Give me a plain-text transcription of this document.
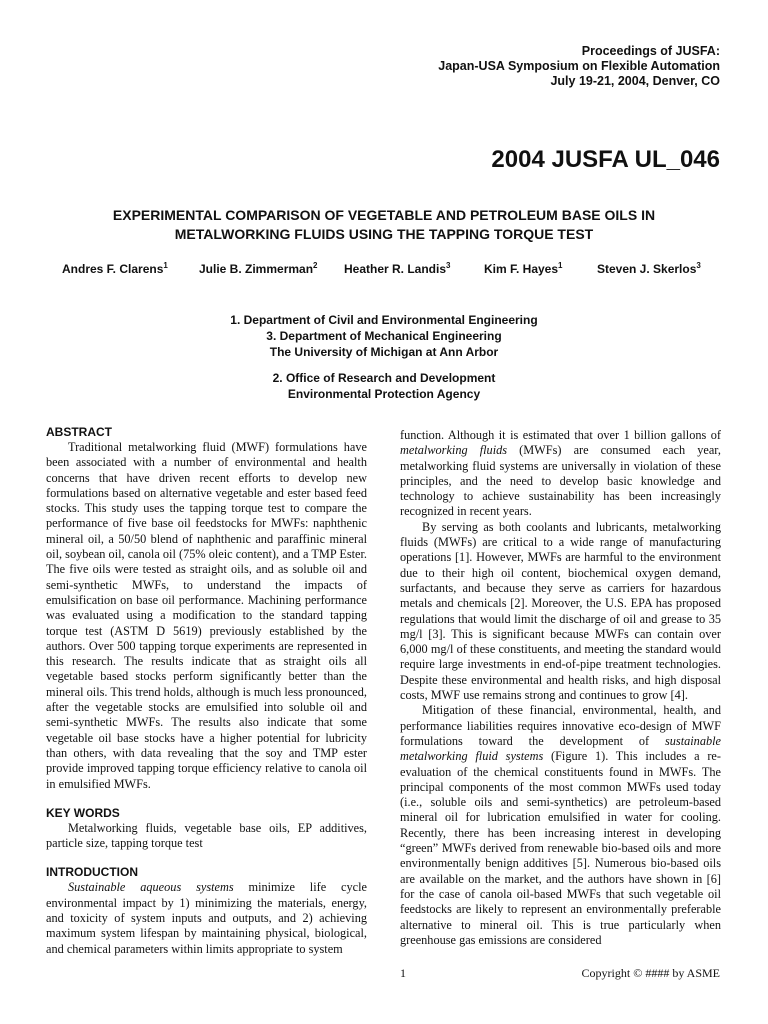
Proceedings of JUSFA:
Japan-USA Symposium on Flexible Automation
July 19-21, 2004, Denver, CO
2004 JUSFA UL_046
EXPERIMENTAL COMPARISON OF VEGETABLE AND PETROLEUM BASE OILS IN
METALWORKING FLUIDS USING THE TAPPING TORQUE TEST
Andres F. Clarens$^1$	Julie B. Zimmerman$^2$ Heather R. Landis$^3$	Kim F. Hayes$^1$	Steven J. Skerlos$^3$
1. Department of Civil and Environmental Engineering
3. Department of Mechanical Engineering
The University of Michigan at Ann Arbor
2. Office of Research and Development
Environmental Protection Agency
ABSTRACT

Traditional metalworking fluid (MWF) formulations have been associated with a number of environmental and health concerns that have driven recent efforts to develop new formulations based on alternative vegetable and ester based feed stocks. This study uses the tapping torque test to compare the performance of five base oil feedstocks for MWFs: naphthenic mineral oil, a 50/50 blend of naphthenic and paraffinic mineral oil, soybean oil, canola oil (75% oleic content), and a TMP Ester. The five oils were tested as straight oils, and as soluble oil and semi-synthetic MWFs, to understand the impacts of emulsification on base oil performance. Machining performance was evaluated using a modification to the standard tapping torque test (ASTM D 5619) previously established by the authors. Over 500 tapping torque experiments are represented in this research. The results indicate that as straight oils all vegetable based stocks perform significantly better than the mineral oils. This trend holds, although is much less pronounced, after the vegetable stocks are emulsified into soluble oil and semi-synthetic MWFs. The results also indicate that some vegetable oil base stocks have a higher potential for lubricity than others, with data revealing that the soy and TMP ester provide improved tapping torque efficiency relative to canola oil in emulsified MWFs.

KEY WORDS

Metalworking fluids, vegetable base oils, EP additives, particle size, tapping torque test

INTRODUCTION

Sustainable aqueous systems minimize life cycle environmental impact by 1) minimizing the materials, energy, and toxicity of system inputs and outputs, and 2) achieving maximum system lifespan by maintaining physical, biological, and chemical parameters within limits appropriate to system

function. Although it is estimated that over 1 billion gallons of metalworking fluids (MWFs) are consumed each year, metalworking fluid systems are universally in violation of these principles, and the need to develop basic knowledge and technology to achieve sustainability has been increasingly recognized in recent years.

By serving as both coolants and lubricants, metalworking fluids (MWFs) are critical to a wide range of manufacturing operations [1]. However, MWFs are harmful to the environment due to their high oil content, biochemical oxygen demand, surfactants, and because they serve as carriers for hazardous metals and chemicals [2]. Moreover, the U.S. EPA has proposed regulations that would limit the discharge of oil and grease to 35 mg/l [3]. This is significant because MWFs can contain over 6,000 mg/l of these constituents, and meeting the standard would require large investments in end-of-pipe treatment technologies. Despite these environmental and health risks, and high disposal costs, MWF use remains strong and continues to grow [4].

Mitigation of these financial, environmental, health, and performance liabilities requires innovative eco-design of MWF formulations toward the development of sustainable metalworking fluid systems (Figure 1). This includes a re-evaluation of the chemical constituents found in MWFs. The principal components of the most common MWFs used today (i.e., soluble oils and semi-synthetics) are petroleum-based mineral oil for lubrication emulsified in water for cooling. Recently, there has been increasing interest in developing “green” MWFs derived from renewable bio-based oils and more environmentally benign additives [5]. Numerous bio-based oils are available on the market, and the authors have shown in [6] for the case of canola oil-based MWFs that such vegetable oil feedstocks are likely to represent an environmentally preferable alternative to mineral oil. This is true particularly when greenhouse gas emissions are considered

1	Copyright © #### by ASME
